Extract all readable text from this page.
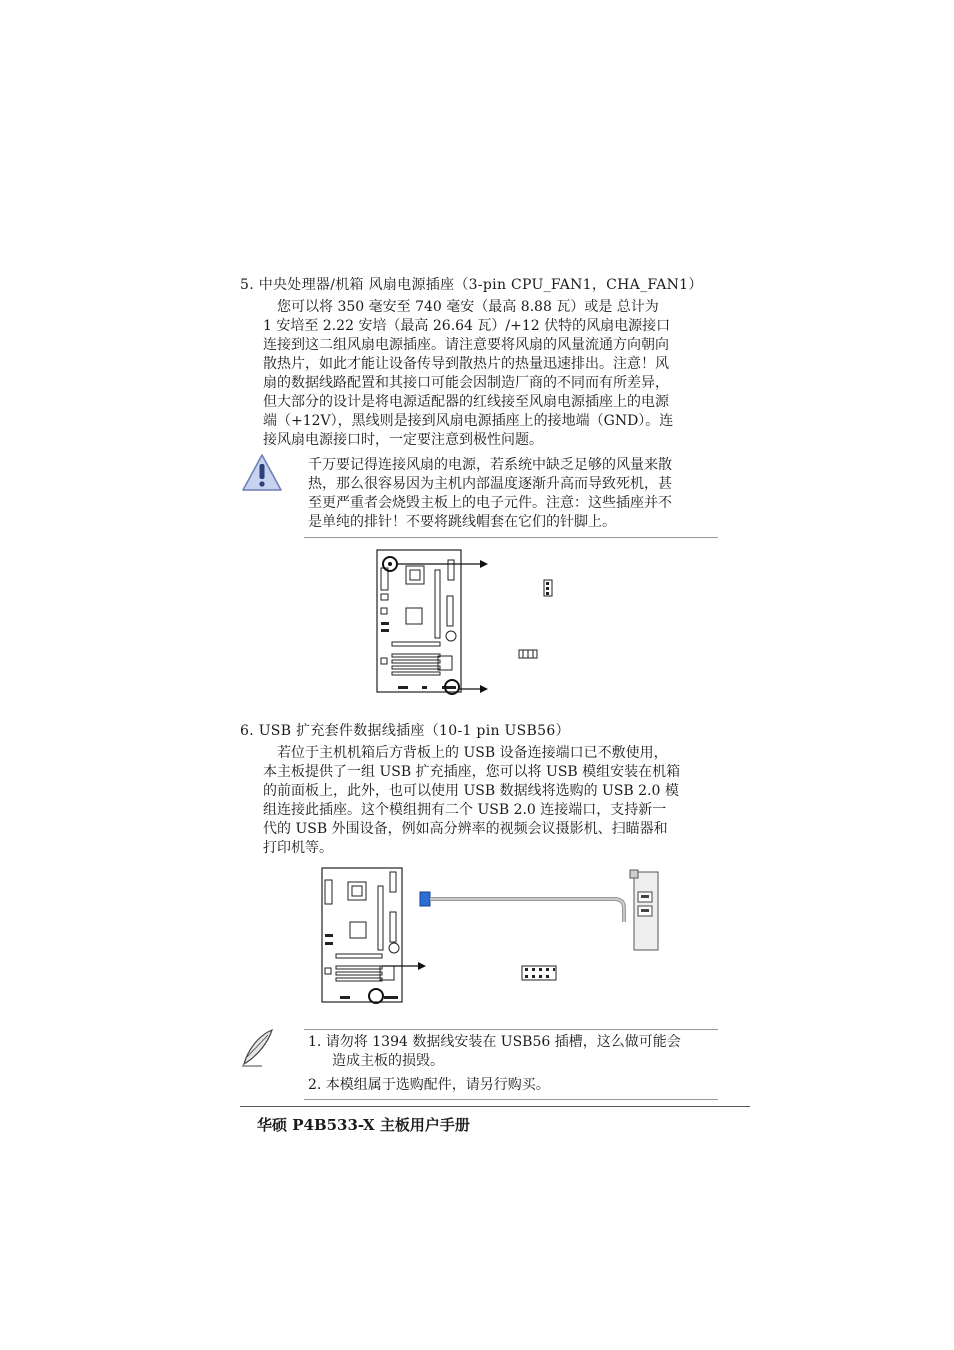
5. 中央处理器/机箱 风扇电源插座（3-pin CPU_FAN1，CHA_FAN1）

　您可以将 350 毫安至 740 毫安（最高 8.88 瓦）或是 总计为

1 安培至 2.22 安培（最高 26.64 瓦）/+12 伏特的风扇电源接口

连接到这二组风扇电源插座。请注意要将风扇的风量流通方向朝向

散热片，如此才能让设备传导到散热片的热量迅速排出。注意！风

扇的数据线路配置和其接口可能会因制造厂商的不同而有所差异，

但大部分的设计是将电源适配器的红线接至风扇电源插座上的电源

端（+12V），黑线则是接到风扇电源插座上的接地端（GND）。连

接风扇电源接口时，一定要注意到极性问题。

千万要记得连接风扇的电源，若系统中缺乏足够的风量来散
热，那么很容易因为主机内部温度逐渐升高而导致死机，甚
至更严重者会烧毁主板上的电子元件。注意：这些插座并不
是单纯的排针！不要将跳线帽套在它们的针脚上。
6. USB 扩充套件数据线插座（10-1 pin USB56）

　若位于主机机箱后方背板上的 USB 设备连接端口已不敷使用，

本主板提供了一组 USB 扩充插座，您可以将 USB 模组安装在机箱

的前面板上，此外，也可以使用 USB 数据线将选购的 USB 2.0 模

组连接此插座。这个模组拥有二个 USB 2.0 连接端口，支持新一

代的 USB 外围设备，例如高分辨率的视频会议摄影机、扫瞄器和

打印机等。

1. 请勿将 1394 数据线安装在 USB56 插槽，这么做可能会
造成主板的损毁。
2. 本模组属于选购配件，请另行购买。
华硕 P4B533-X 主板用户手册
